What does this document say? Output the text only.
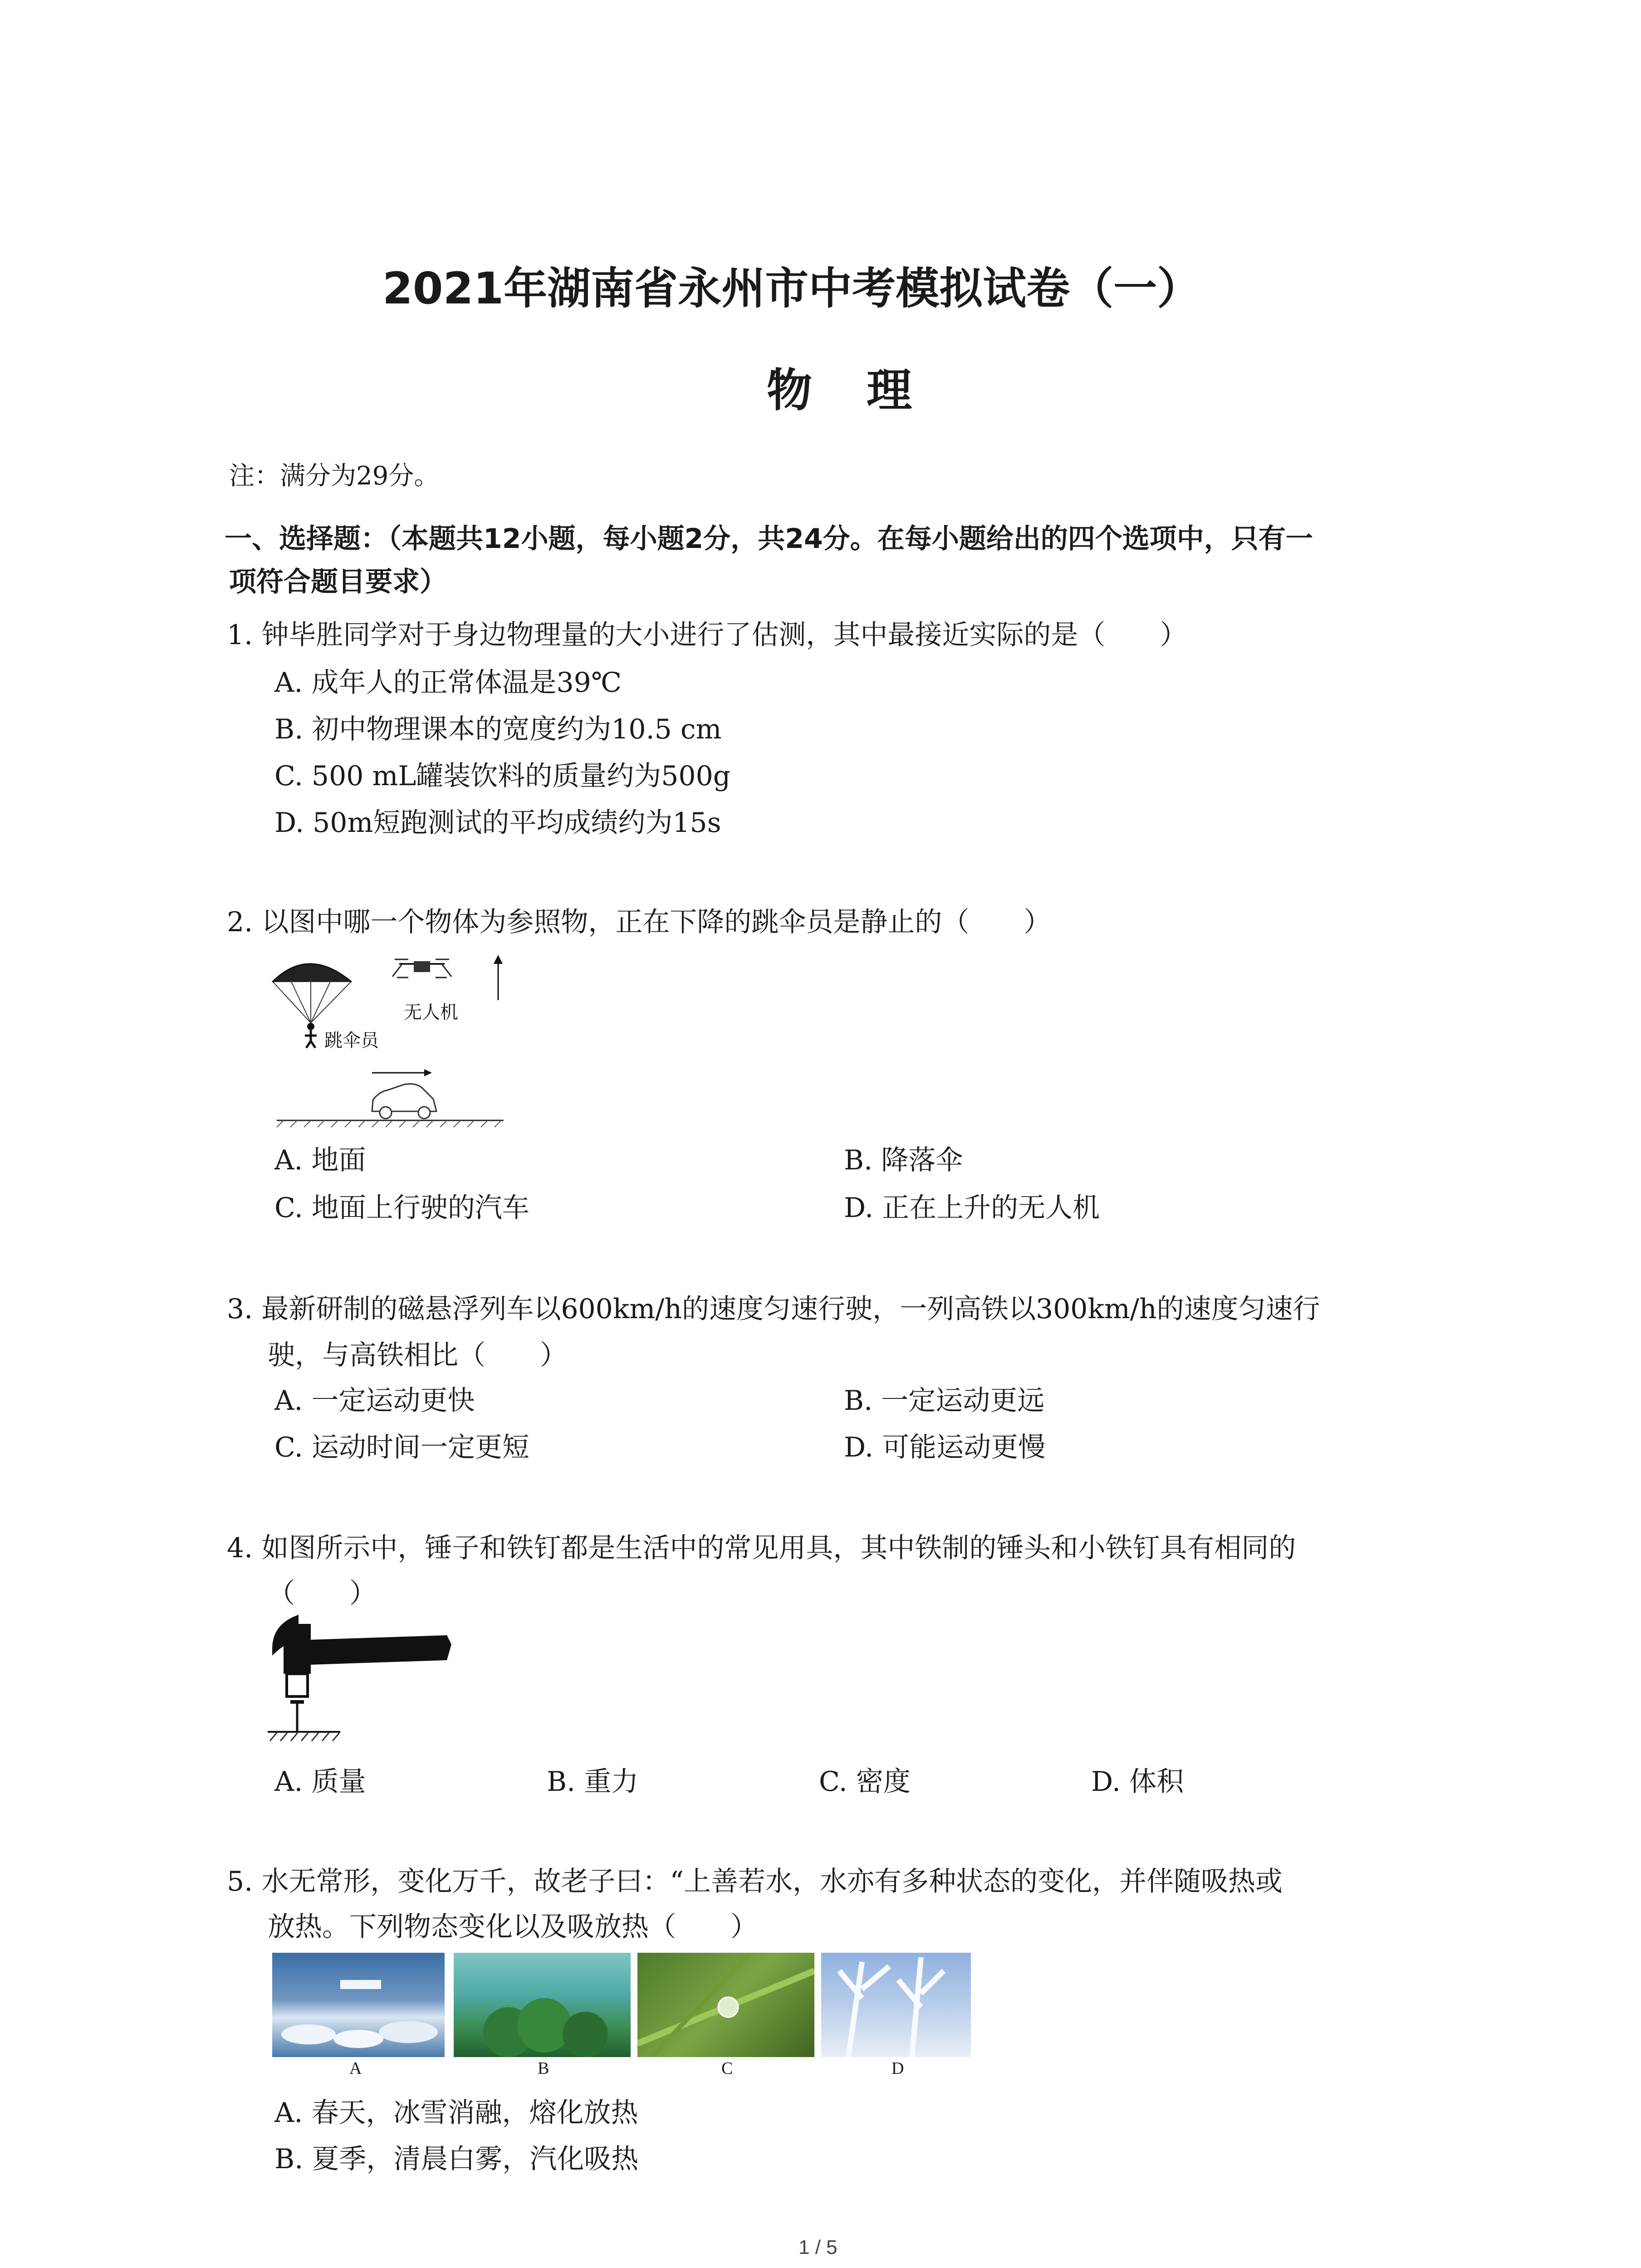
2021年湖南省永州市中考模拟试卷（一）
物理
注：满分为29分。
一、选择题：（本题共12小题，每小题2分，共24分。在每小题给出的四个选项中，只有一
项符合题目要求）
1. 钟毕胜同学对于身边物理量的大小进行了估测，其中最接近实际的是（　　）
A. 成年人的正常体温是39℃
B. 初中物理课本的宽度约为10.5 cm
C. 500 mL罐装饮料的质量约为500g
D. 50m短跑测试的平均成绩约为15s
2. 以图中哪一个物体为参照物，正在下降的跳伞员是静止的（　　）
跳伞员
无人机
A. 地面	B. 降落伞
C. 地面上行驶的汽车	D. 正在上升的无人机
3. 最新研制的磁悬浮列车以600km/h的速度匀速行驶，一列高铁以300km/h的速度匀速行
驶，与高铁相比（　　）
A. 一定运动更快	B. 一定运动更远
C. 运动时间一定更短	D. 可能运动更慢
4. 如图所示中，锤子和铁钉都是生活中的常见用具，其中铁制的锤头和小铁钉具有相同的
（　　）
A. 质量	B. 重力	C. 密度	D. 体积
5. 水无常形，变化万千，故老子曰：“上善若水，水亦有多种状态的变化，并伴随吸热或
放热。下列物态变化以及吸放热（　　）
A	B	C	D
A. 春天，冰雪消融，熔化放热
B. 夏季，清晨白雾，汽化吸热
1 / 5
